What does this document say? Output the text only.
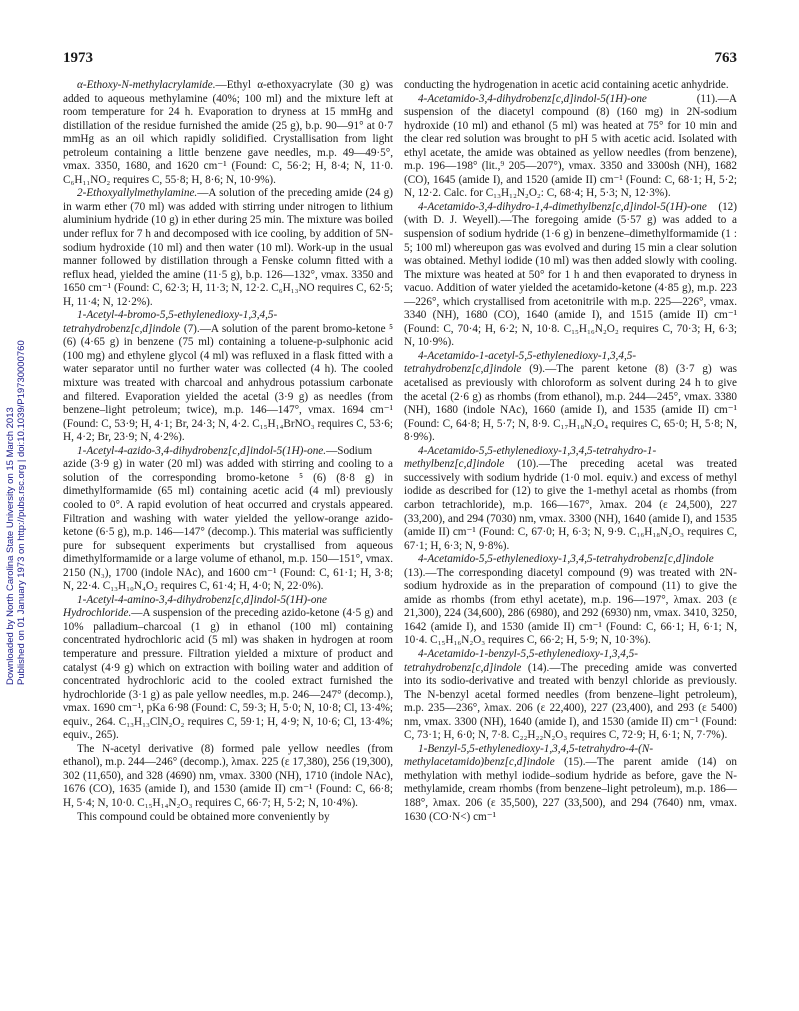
1973	763
Downloaded by North Carolina State University on 15 March 2013 Published on 01 January 1973 on http://pubs.rsc.org | doi:10.1039/P19730000760

α-Ethoxy-N-methylacrylamide.—Ethyl α-ethoxyacrylate (30 g) was added to aqueous methylamine (40%; 100 ml) and the mixture left at room temperature for 24 h. Evaporation to dryness at 15 mmHg and distillation of the residue furnished the amide (25 g), b.p. 90—91° at 0·7 mmHg as an oil which rapidly solidified. Crystallisation from light petroleum containing a little benzene gave needles, m.p. 49—49·5°, νmax. 3350, 1680, and 1620 cm⁻¹ (Found: C, 56·2; H, 8·4; N, 11·0. C₆H₁₁NO₂ requires C, 55·8; H, 8·6; N, 10·9%).

2-Ethoxyallylmethylamine.—A solution of the preceding amide (24 g) in warm ether (70 ml) was added with stirring under nitrogen to lithium aluminium hydride (10 g) in ether during 25 min. The mixture was boiled under reflux for 7 h and decomposed with ice cooling, by addition of 5N-sodium hydroxide (10 ml) and then water (10 ml). Work-up in the usual manner followed by distillation through a Fenske column fitted with a reflux head, yielded the amine (11·5 g), b.p. 126—132°, νmax. 3350 and 1650 cm⁻¹ (Found: C, 62·3; H, 11·3; N, 12·2. C₆H₁₃NO requires C, 62·5; H, 11·4; N, 12·2%).

1-Acetyl-4-bromo-5,5-ethylenedioxy-1,3,4,5-tetrahydrobenz[c,d]indole (7).—A solution of the parent bromo-ketone ⁵ (6) (4·65 g) in benzene (75 ml) containing a toluene-p-sulphonic acid (100 mg) and ethylene glycol (4 ml) was refluxed in a flask fitted with a water separator until no further water was collected (4 h). The cooled mixture was treated with charcoal and anhydrous potassium carbonate and filtered. Evaporation yielded the acetal (3·9 g) as needles (from benzene–light petroleum; twice), m.p. 146—147°, νmax. 1694 cm⁻¹ (Found: C, 53·9; H, 4·1; Br, 24·3; N, 4·2. C₁₅H₁₄BrNO₃ requires C, 53·6; H, 4·2; Br, 23·9; N, 4·2%).

1-Acetyl-4-azido-3,4-dihydrobenz[c,d]indol-5(1H)-one.—Sodium azide (3·9 g) in water (20 ml) was added with stirring and cooling to a solution of the corresponding bromo-ketone ⁵ (6) (8·8 g) in dimethylformamide (65 ml) containing acetic acid (4 ml) previously cooled to 0°. A rapid evolution of heat occurred and crystals appeared. Filtration and washing with water yielded the yellow-orange azido-ketone (6·5 g), m.p. 146—147° (decomp.). This material was sufficiently pure for subsequent experiments but crystallised from aqueous dimethylformamide or a large volume of ethanol, m.p. 150—151°, νmax. 2150 (N₃), 1700 (indole NAc), and 1600 cm⁻¹ (Found: C, 61·1; H, 3·8; N, 22·4. C₁₃H₁₀N₄O₂ requires C, 61·4; H, 4·0; N, 22·0%).

1-Acetyl-4-amino-3,4-dihydrobenz[c,d]indol-5(1H)-one Hydrochloride.—A suspension of the preceding azido-ketone (4·5 g) and 10% palladium–charcoal (1 g) in ethanol (100 ml) containing concentrated hydrochloric acid (5 ml) was shaken in hydrogen at room temperature and pressure. Filtration yielded a mixture of product and catalyst (4·9 g) which on extraction with boiling water and addition of concentrated hydrochloric acid to the cooled extract furnished the hydrochloride (3·1 g) as pale yellow needles, m.p. 246—247° (decomp.), νmax. 1690 cm⁻¹, pKa 6·98 (Found: C, 59·3; H, 5·0; N, 10·8; Cl, 13·4%; equiv., 264. C₁₃H₁₃ClN₂O₂ requires C, 59·1; H, 4·9; N, 10·6; Cl, 13·4%; equiv., 265).

The N-acetyl derivative (8) formed pale yellow needles (from ethanol), m.p. 244—246° (decomp.), λmax. 225 (ε 17,380), 256 (19,300), 302 (11,650), and 328 (4690) nm, νmax. 3300 (NH), 1710 (indole NAc), 1676 (CO), 1635 (amide I), and 1530 (amide II) cm⁻¹ (Found: C, 66·8; H, 5·4; N, 10·0. C₁₅H₁₄N₂O₃ requires C, 66·7; H, 5·2; N, 10·4%).

This compound could be obtained more conveniently by

conducting the hydrogenation in acetic acid containing acetic anhydride.

4-Acetamido-3,4-dihydrobenz[c,d]indol-5(1H)-one (11).—A suspension of the diacetyl compound (8) (160 mg) in 2N-sodium hydroxide (10 ml) and ethanol (5 ml) was heated at 75° for 10 min and the clear red solution was brought to pH 5 with acetic acid. Isolated with ethyl acetate, the amide was obtained as yellow needles (from benzene), m.p. 196—198° (lit.,⁹ 205—207°), νmax. 3350 and 3300sh (NH), 1682 (CO), 1645 (amide I), and 1520 (amide II) cm⁻¹ (Found: C, 68·1; H, 5·2; N, 12·2. Calc. for C₁₃H₁₂N₂O₂: C, 68·4; H, 5·3; N, 12·3%).

4-Acetamido-3,4-dihydro-1,4-dimethylbenz[c,d]indol-5(1H)-one (12) (with D. J. Weyell).—The foregoing amide (5·57 g) was added to a suspension of sodium hydride (1·6 g) in benzene–dimethylformamide (1 : 5; 100 ml) whereupon gas was evolved and during 15 min a clear solution was obtained. Methyl iodide (10 ml) was then added slowly with cooling. The mixture was heated at 50° for 1 h and then evaporated to dryness in vacuo. Addition of water yielded the acetamido-ketone (4·85 g), m.p. 223—226°, which crystallised from acetonitrile with m.p. 225—226°, νmax. 3340 (NH), 1680 (CO), 1640 (amide I), and 1515 (amide II) cm⁻¹ (Found: C, 70·4; H, 6·2; N, 10·8. C₁₅H₁₆N₂O₂ requires C, 70·3; H, 6·3; N, 10·9%).

4-Acetamido-1-acetyl-5,5-ethylenedioxy-1,3,4,5-tetrahydrobenz[c,d]indole (9).—The parent ketone (8) (3·7 g) was acetalised as previously with chloroform as solvent during 24 h to give the acetal (2·6 g) as rhombs (from ethanol), m.p. 244—245°, νmax. 3380 (NH), 1680 (indole NAc), 1660 (amide I), and 1535 (amide II) cm⁻¹ (Found: C, 64·8; H, 5·7; N, 8·9. C₁₇H₁₈N₂O₄ requires C, 65·0; H, 5·8; N, 8·9%).

4-Acetamido-5,5-ethylenedioxy-1,3,4,5-tetrahydro-1-methylbenz[c,d]indole (10).—The preceding acetal was treated successively with sodium hydride (1·0 mol. equiv.) and excess of methyl iodide as described for (12) to give the 1-methyl acetal as rhombs (from carbon tetrachloride), m.p. 166—167°, λmax. 204 (ε 24,500), 227 (33,200), and 294 (7030) nm, νmax. 3300 (NH), 1640 (amide I), and 1535 (amide II) cm⁻¹ (Found: C, 67·0; H, 6·3; N, 9·9. C₁₆H₁₈N₂O₃ requires C, 67·1; H, 6·3; N, 9·8%).

4-Acetamido-5,5-ethylenedioxy-1,3,4,5-tetrahydrobenz[c,d]indole (13).—The corresponding diacetyl compound (9) was treated with 2N-sodium hydroxide as in the preparation of compound (11) to give the amide as rhombs (from ethyl acetate), m.p. 196—197°, λmax. 203 (ε 21,300), 224 (34,600), 286 (6980), and 292 (6930) nm, νmax. 3410, 3250, 1642 (amide I), and 1530 (amide II) cm⁻¹ (Found: C, 66·1; H, 6·1; N, 10·4. C₁₅H₁₆N₂O₃ requires C, 66·2; H, 5·9; N, 10·3%).

4-Acetamido-1-benzyl-5,5-ethylenedioxy-1,3,4,5-tetrahydrobenz[c,d]indole (14).—The preceding amide was converted into its sodio-derivative and treated with benzyl chloride as previously. The N-benzyl acetal formed needles (from benzene–light petroleum), m.p. 235—236°, λmax. 206 (ε 22,400), 227 (23,400), and 293 (ε 5400) nm, νmax. 3300 (NH), 1640 (amide I), and 1530 (amide II) cm⁻¹ (Found: C, 73·1; H, 6·0; N, 7·8. C₂₂H₂₂N₂O₃ requires C, 72·9; H, 6·1; N, 7·7%).

1-Benzyl-5,5-ethylenedioxy-1,3,4,5-tetrahydro-4-(N-methylacetamido)benz[c,d]indole (15).—The parent amide (14) on methylation with methyl iodide–sodium hydride as before, gave the N-methylamide, cream rhombs (from benzene–light petroleum), m.p. 186—188°, λmax. 206 (ε 35,500), 227 (33,500), and 294 (7640) nm, νmax. 1630 (CO·N<) cm⁻¹
